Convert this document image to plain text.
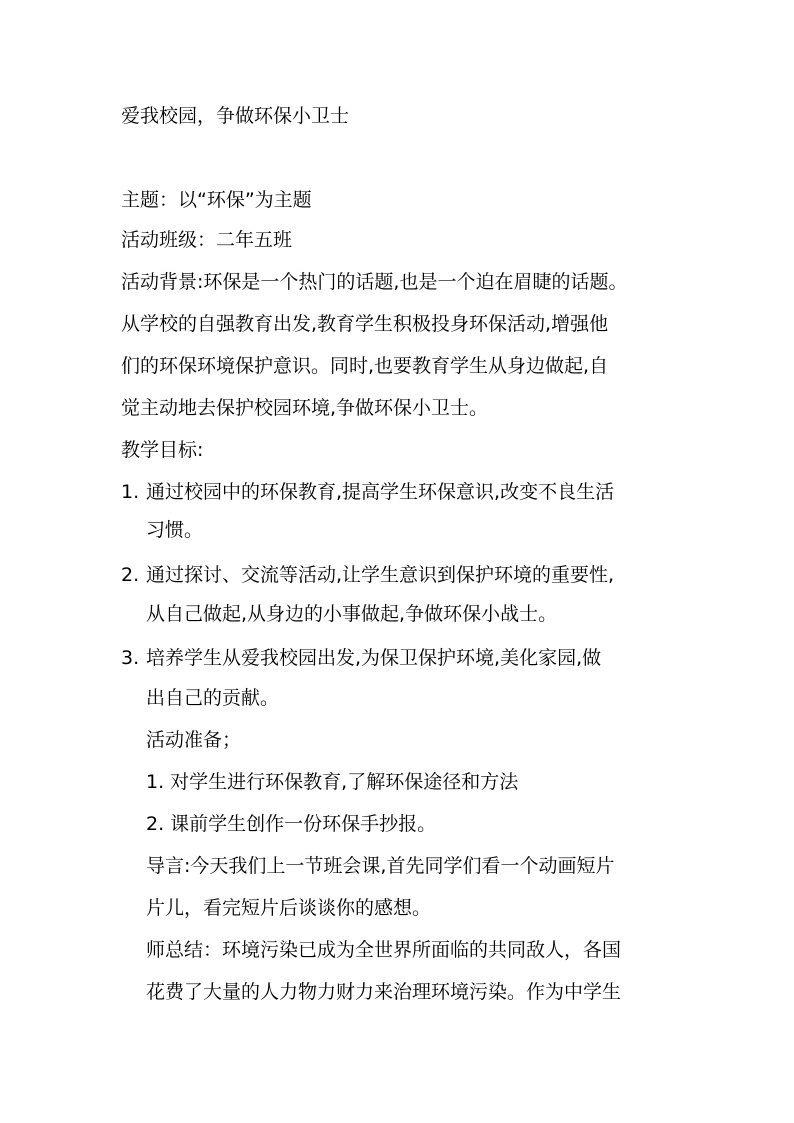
爱我校园，争做环保小卫士
主题：以“环保”为主题
活动班级：二年五班
活动背景:环保是一个热门的话题,也是一个迫在眉睫的话题。
从学校的自强教育出发,教育学生积极投身环保活动,增强他
们的环保环境保护意识。同时,也要教育学生从身边做起,自
觉主动地去保护校园环境,争做环保小卫士。
教学目标:
1. 通过校园中的环保教育,提高学生环保意识,改变不良生活
习惯。
2. 通过探讨、交流等活动,让学生意识到保护环境的重要性,
从自己做起,从身边的小事做起,争做环保小战士。
3. 培养学生从爱我校园出发,为保卫保护环境,美化家园,做
出自己的贡献。
活动准备；
1. 对学生进行环保教育,了解环保途径和方法
2. 课前学生创作一份环保手抄报。
导言:今天我们上一节班会课,首先同学们看一个动画短片
片儿，看完短片后谈谈你的感想。
师总结：环境污染已成为全世界所面临的共同敌人，各国
花费了大量的人力物力财力来治理环境污染。作为中学生
